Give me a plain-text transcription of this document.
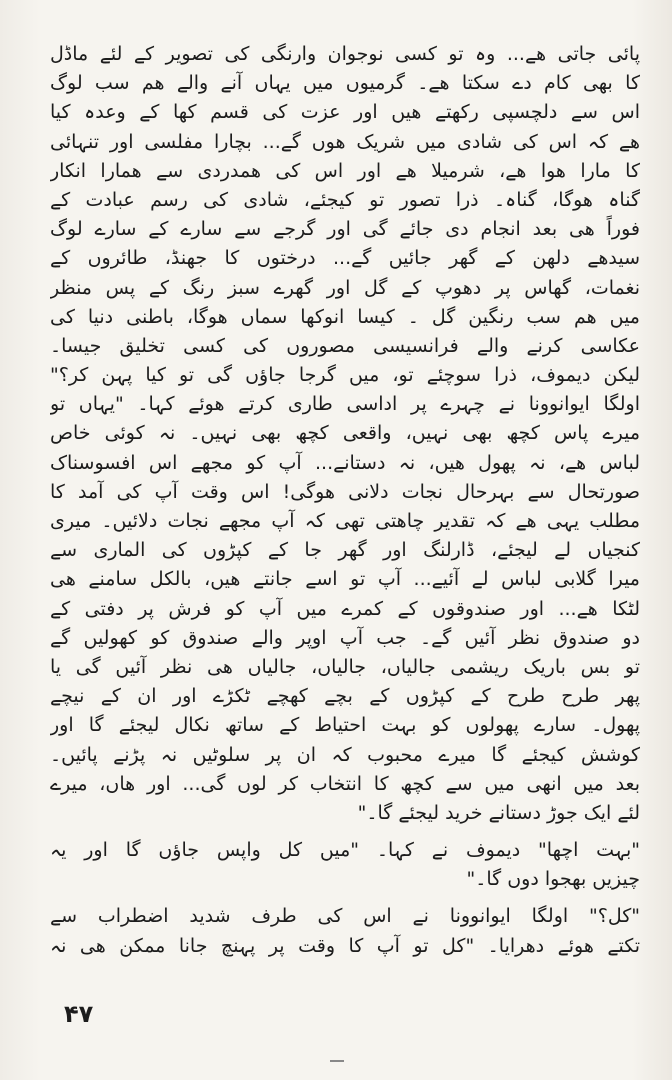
پائی جاتی ھے... وہ تو کسی نوجوان وارنگی کی تصویر کے لئے ماڈل
کا بھی کام دے سکتا ھے۔ گرمیوں میں یہاں آنے والے ھم سب لوگ
اس سے دلچسپی رکھتے ھیں اور عزت کی قسم کھا کے وعدہ کیا
ھے کہ اس کی شادی میں شریک ھوں گے... بچارا مفلسی اور تنہائی
کا مارا ھوا ھے، شرمیلا ھے اور اس کی ھمدردی سے ھمارا انکار
گناہ ھوگا، گناہ۔ ذرا تصور تو کیجئے، شادی کی رسم عبادت کے
فوراً ھی بعد انجام دی جائے گی اور گرجے سے سارے کے سارے لوگ
سیدھے دلھن کے گھر جائیں گے... درختوں کا جھنڈ، طائروں کے
نغمات، گھاس پر دھوپ کے گل اور گھرے سبز رنگ کے پس منظر
میں ھم سب رنگین گل ۔ کیسا انوکھا سماں ھوگا، باطنی دنیا کی
عکاسی کرنے والے فرانسیسی مصوروں کی کسی تخلیق جیسا۔
لیکن دیموف، ذرا سوچئے تو، میں گرجا جاؤں گی تو کیا پہن کر؟"
اولگا ایوانوونا نے چہرے پر اداسی طاری کرتے ھوئے کہا۔ "یہاں تو
میرے پاس کچھ بھی نہیں، واقعی کچھ بھی نہیں۔ نہ کوئی خاص
لباس ھے، نہ پھول ھیں، نہ دستانے... آپ کو مجھے اس افسوسناک
صورتحال سے بہرحال نجات دلانی ھوگی! اس وقت آپ کی آمد کا
مطلب یہی ھے کہ تقدیر چاھتی تھی کہ آپ مجھے نجات دلائیں۔ میری
کنجیاں لے لیجئے، ڈارلنگ اور گھر جا کے کپڑوں کی الماری سے
میرا گلابی لباس لے آئیے... آپ تو اسے جانتے ھیں، بالکل سامنے ھی
لٹکا ھے... اور صندوقوں کے کمرے میں آپ کو فرش پر دفتی کے
دو صندوق نظر آئیں گے۔ جب آپ اوپر والے صندوق کو کھولیں گے
تو بس باریک ریشمی جالیاں، جالیاں، جالیاں ھی نظر آئیں گی یا
پھر طرح طرح کے کپڑوں کے بچے کھچے ٹکڑے اور ان کے نیچے
پھول۔ سارے پھولوں کو بہت احتیاط کے ساتھ نکال لیجئے گا اور
کوشش کیجئے گا میرے محبوب کہ ان پر سلوٹیں نہ پڑنے پائیں۔
بعد میں انھی میں سے کچھ کا انتخاب کر لوں گی... اور ھاں، میرے
لئے ایک جوڑ دستانے خرید لیجئے گا۔"
"بہت اچھا" دیموف نے کہا۔ "میں کل واپس جاؤں گا اور یہ
چیزیں بھجوا دوں گا۔"
"کل؟" اولگا ایوانوونا نے اس کی طرف شدید اضطراب سے
تکتے ھوئے دھرایا۔ "کل تو آپ کا وقت پر پہنچ جانا ممکن ھی نہ
۴۷
